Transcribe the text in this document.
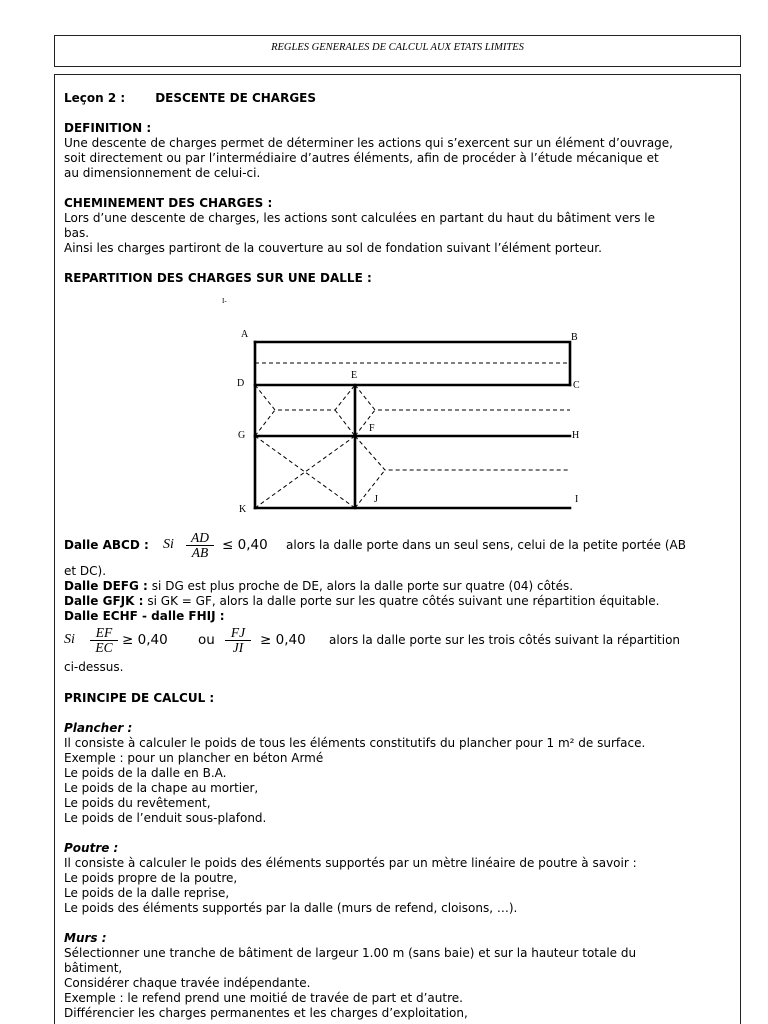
REGLES GENERALES DE CALCUL AUX ETATS LIMITES
Leçon 2 :	DESCENTE DE CHARGES
DEFINITION :
Une descente de charges permet de déterminer les actions qui s’exercent sur un élément d’ouvrage,
soit directement ou par l’intermédiaire d’autres éléments, afin de procéder à l’étude mécanique et
au dimensionnement de celui-ci.
CHEMINEMENT DES CHARGES :
Lors d’une descente de charges, les actions sont calculées en partant du haut du bâtiment vers le
bas.
Ainsi les charges partiront de la couverture au sol de fondation suivant l’élément porteur.
REPARTITION DES CHARGES SUR UNE DALLE :
I-
A	B
C
D
E
F
G	H
I
J
K
Dalle ABCD : Si	AD
AB	≤ 0,40 alors la dalle porte dans un seul sens, celui de la petite portée (AB
et DC).
Dalle DEFG : si DG est plus proche de DE, alors la dalle porte sur quatre (04) côtés.
Dalle GFJK : si GK = GF, alors la dalle porte sur les quatre côtés suivant une répartition équitable.
Dalle ECHF - dalle FHIJ :
Si	EF
EC ≥ 0,40 ou	FJ
JI	≥ 0,40 alors la dalle porte sur les trois côtés suivant la répartition
ci-dessus.
PRINCIPE DE CALCUL :
Plancher :
Il consiste à calculer le poids de tous les éléments constitutifs du plancher pour 1 m² de surface.
Exemple : pour un plancher en béton Armé
Le poids de la dalle en B.A.
Le poids de la chape au mortier,
Le poids du revêtement,
Le poids de l’enduit sous-plafond.
Poutre :
Il consiste à calculer le poids des éléments supportés par un mètre linéaire de poutre à savoir :
Le poids propre de la poutre,
Le poids de la dalle reprise,
Le poids des éléments supportés par la dalle (murs de refend, cloisons, …).
Murs :
Sélectionner une tranche de bâtiment de largeur 1.00 m (sans baie) et sur la hauteur totale du
bâtiment,
Considérer chaque travée indépendante.
Exemple : le refend prend une moitié de travée de part et d’autre.
Différencier les charges permanentes et les charges d’exploitation,
